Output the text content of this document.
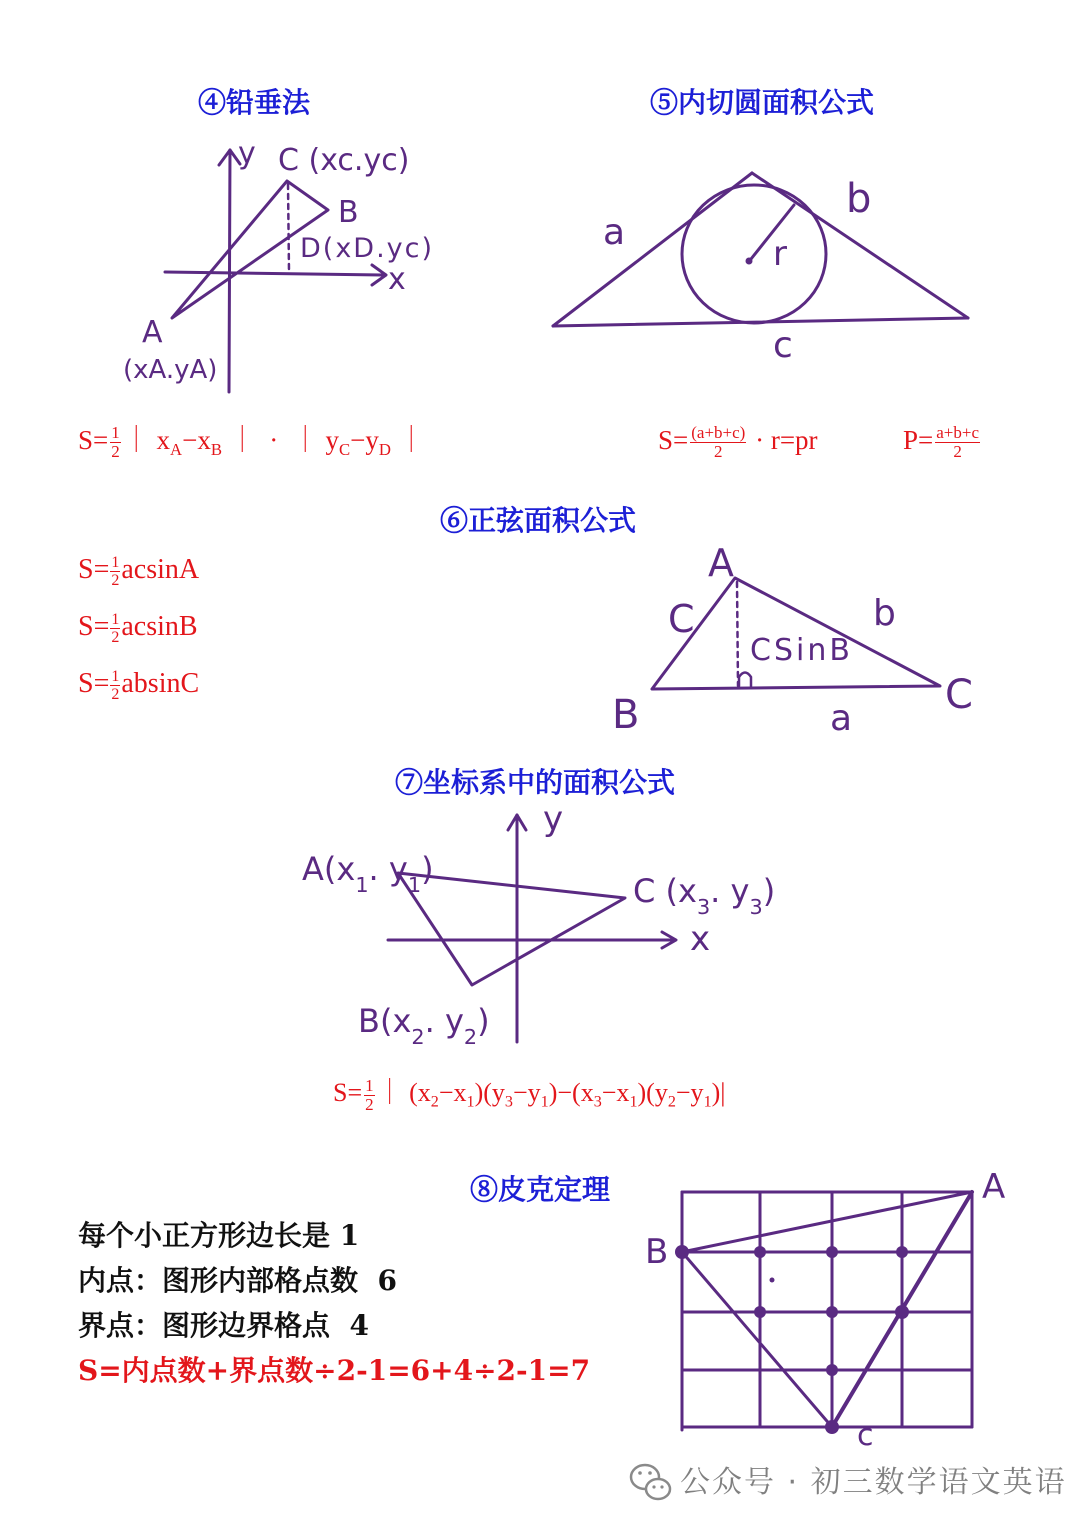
y
x
C (xc.yc)
B
D(xD.yc)
A
(xA.yA)
a
b
c
r
A
C	b
CSinB
B	C
a
y
x
$A(x_1$. $y_1$)
C ($x_3$. $y_3$)
$B(x_2$. $y_2$)
A
B
c
④铅垂法	⑤内切圆面积公式
⑥正弦面积公式
⑦坐标系中的面积公式
⑧皮克定理
$S= \frac{1}{2}$ ｜ $x_A-x_B$ ｜  ·  ｜ $y_C-y_D$ ｜	$S= \frac{(a+b+c)}{2} \cdot r=pr$	$P= \frac{a+b+c}{2}$
$S= \frac{1}{2}$ acsinA
$S= \frac{1}{2}$ acsinB
$S= \frac{1}{2}$ absinC
$S= \frac{1}{2}$ ｜ $(x_2-x_1)(y_3-y_1)-(x_3-x_1)(y_2-y_1)|$
每个小正方形边长是 1
内点：图形内部格点数  6
界点：图形边界格点  4
S=内点数+界点数÷2-1=6+4÷2-1=7
公众号 · 初三数学语文英语
